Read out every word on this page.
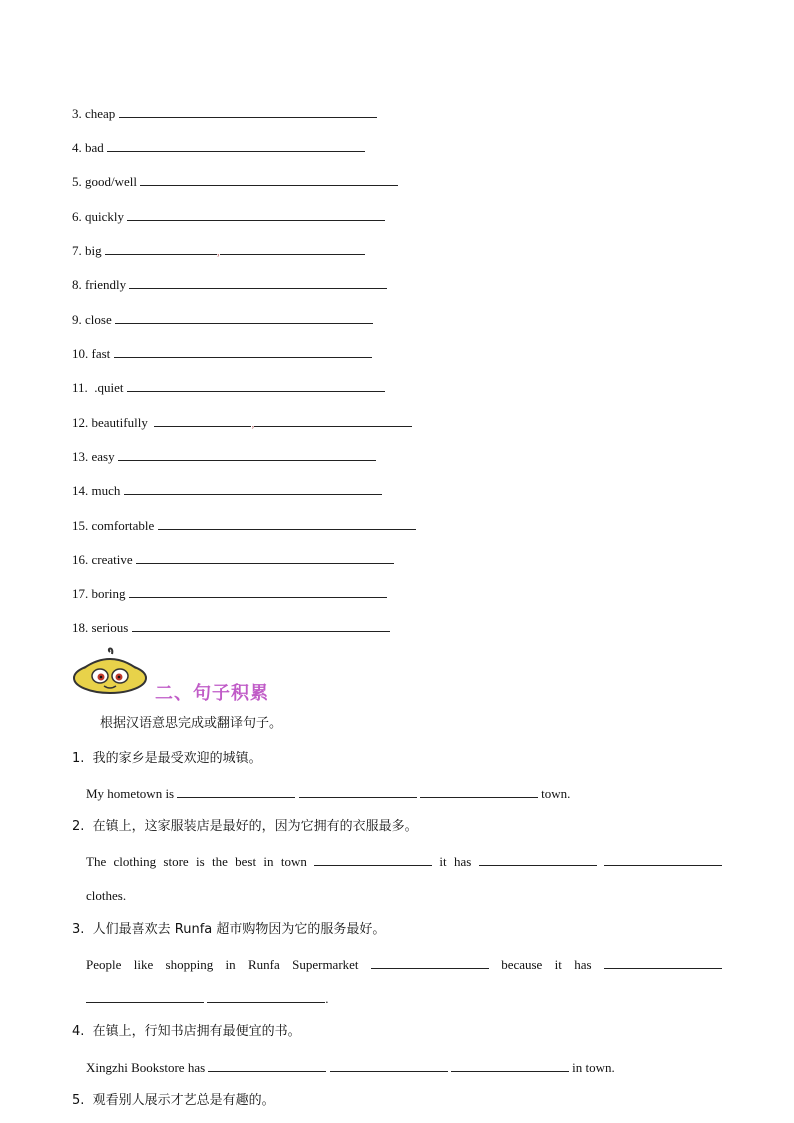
3. cheap
4. bad
5. good/well
6. quickly
7. big	,
8. friendly
9. close
10. fast
11. .quiet
12. beautifully	,
13. easy
14. much
15. comfortable
16. creative
17. boring
18. serious
二、句子积累
根据汉语意思完成或翻译句子。
1. 我的家乡是最受欢迎的城镇。
My hometown is	town.
2. 在镇上，这家服装店是最好的，因为它拥有的衣服最多。
The clothing store is the best in town	it has
clothes.
3. 人们最喜欢去 Runfa 超市购物因为它的服务最好。
People like shopping in Runfa Supermarket	because it has
.
4. 在镇上，行知书店拥有最便宜的书。
Xingzhi Bookstore has	in town.
5. 观看别人展示才艺总是有趣的。
